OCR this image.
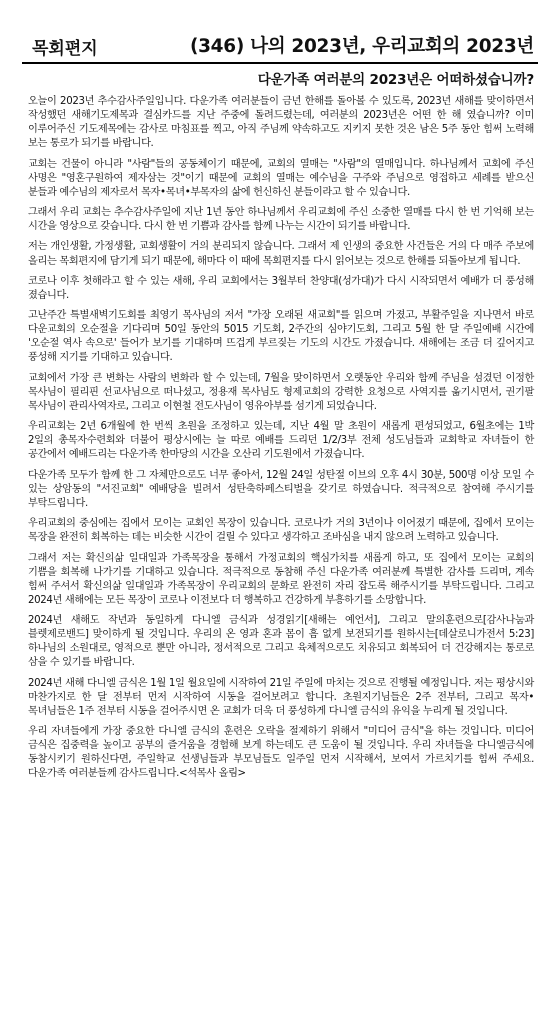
목회편지	(346) 나의 2023년, 우리교회의 2023년
다운가족 여러분의 2023년은 어떠하셨습니까?

오늘이 2023년 추수감사주일입니다. 다운가족 여러분들이 금년 한해를 돌아볼 수 있도록, 2023년 새해를 맞이하면서 작성했던 새해기도제목과 결심카드를 지난 주중에 돌려드렸는데, 여러분의 2023년은 어떤 한 해 였습니까? 이미 이루어주신 기도제목에는 감사로 마침표를 찍고, 아직 주님께 약속하고도 지키지 못한 것은 남은 5주 동안 힘써 노력해 보는 통로가 되기를 바랍니다.

교회는 건물이 아니라 "사람"들의 공동체이기 때문에, 교회의 열매는 "사람"의 열매입니다. 하나님께서 교회에 주신 사명은 "영혼구원하여 제자삼는 것"이기 때문에 교회의 열매는 예수님을 구주와 주님으로 영접하고 세례를 받으신 분들과 예수님의 제자로서 목자•목녀•부목자의 삶에 헌신하신 분들이라고 할 수 있습니다.

그래서 우리 교회는 추수감사주일에 지난 1년 동안 하나님께서 우리교회에 주신 소중한 열매를 다시 한 번 기억해 보는 시간을 영상으로 갖습니다. 다시 한 번 기쁨과 감사를 함께 나누는 시간이 되기를 바랍니다.

저는 개인생활, 가정생활, 교회생활이 거의 분리되지 않습니다. 그래서 제 인생의 중요한 사건들은 거의 다 매주 주보에 올리는 목회편지에 담기게 되기 때문에, 해마다 이 때에 목회편지를 다시 읽어보는 것으로 한해를 되돌아보게 됩니다.

코로나 이후 첫해라고 할 수 있는 새해, 우리 교회에서는 3월부터 찬양대(성가대)가 다시 시작되면서 예배가 더 풍성해 졌습니다.

고난주간 특별새벽기도회를 최영기 목사님의 저서 "가장 오래된 새교회"를 읽으며 가졌고, 부활주일을 지나면서 바로 다운교회의 오순절을 기다리며 50일 동안의 5015 기도회, 2주간의 심야기도회, 그리고 5월 한 달 주일예배 시간에 '오순절 역사 속으로' 들어가 보기를 기대하며 뜨겁게 부르짖는 기도의 시간도 가졌습니다. 새해에는 조금 더 깊어지고 풍성해 지기를 기대하고 있습니다.

교회에서 가장 큰 변화는 사람의 변화라 할 수 있는데, 7월을 맞이하면서 오랫동안 우리와 함께 주님을 섬겼던 이정한 목사님이 필리핀 선교사님으로 떠나셨고, 정용재 목사님도 형제교회의 강력한 요청으로 사역지를 옮기시면서, 권기팔 목사님이 관리사역자로, 그리고 이현철 전도사님이 영유아부를 섬기게 되었습니다.

우리교회는 2년 6개월에 한 번씩 초원을 조정하고 있는데, 지난 4월 말 초원이 새롭게 편성되었고, 6월초에는 1박 2일의 총목자수련회와 더불어 평상시에는 늘 따로 예배를 드리던 1/2/3부 전체 성도님들과 교회학교 자녀들이 한 공간에서 예배드리는 다운가족 한마당의 시간을 오산리 기도원에서 가졌습니다.

다운가족 모두가 함께 한 그 자체만으로도 너무 좋아서, 12월 24일 성탄절 이브의 오후 4시 30분, 500명 이상 모일 수 있는 상암동의 "서진교회" 예배당을 빌려서 성탄축하페스티벌을 갖기로 하였습니다. 적극적으로 참여해 주시기를 부탁드립니다.

우리교회의 중심에는 집에서 모이는 교회인 목장이 있습니다. 코로나가 거의 3년이나 이어졌기 때문에, 집에서 모이는 목장을 완전히 회복하는 데는 비슷한 시간이 걸릴 수 있다고 생각하고 조바심을 내지 않으려 노력하고 있습니다.

그래서 저는 확신의삶 일대일과 가족목장을 통해서 가정교회의 핵심가치를 새롭게 하고, 또 집에서 모이는 교회의 기쁨을 회복해 나가기를 기대하고 있습니다. 적극적으로 동참해 주신 다운가족 여러분께 특별한 감사를 드리며, 계속 힘써 주셔서 확신의삶 일대일과 가족목장이 우리교회의 문화로 완전히 자리 잡도록 해주시기를 부탁드립니다. 그리고 2024년 새해에는 모든 목장이 코로나 이전보다 더 행복하고 건강하게 부흥하기를 소망합니다.

2024년 새해도 작년과 동일하게 다니엘 금식과 성경읽기[새해는 예언서], 그리고 말의훈련으로[감사나눔과 블렛제로밴드] 맞이하게 될 것입니다. 우리의 온 영과 혼과 몸이 흠 없게 보전되기를 원하시는[데살로니가전서 5:23] 하나님의 소원대로, 영적으로 뿐만 아니라, 정서적으로 그리고 육체적으로도 치유되고 회복되어 더 건강해지는 통로로 삼을 수 있기를 바랍니다.

2024년 새해 다니엘 금식은 1월 1일 월요일에 시작하여 21일 주일에 마치는 것으로 진행될 예정입니다. 저는 평상시와 마찬가지로 한 달 전부터 먼저 시작하여 시동을 걸어보려고 합니다. 초원지기님들은 2주 전부터, 그리고 목자•목녀님들은 1주 전부터 시동을 걸어주시면 온 교회가 더욱 더 풍성하게 다니엘 금식의 유익을 누리게 될 것입니다.

우리 자녀들에게 가장 중요한 다니엘 금식의 훈련은 오락을 절제하기 위해서 "미디어 금식"을 하는 것입니다. 미디어 금식은 집중력을 높이고 공부의 즐거움을 경험해 보게 하는데도 큰 도움이 될 것입니다. 우리 자녀들을 다니엘금식에 동참시키기 원하신다면, 주일학교 선생님들과 부모님들도 일주일 먼저 시작해서, 보여서 가르치기를 힘써 주세요. 다운가족 여러분들께 감사드립니다.<석목사 올림>
